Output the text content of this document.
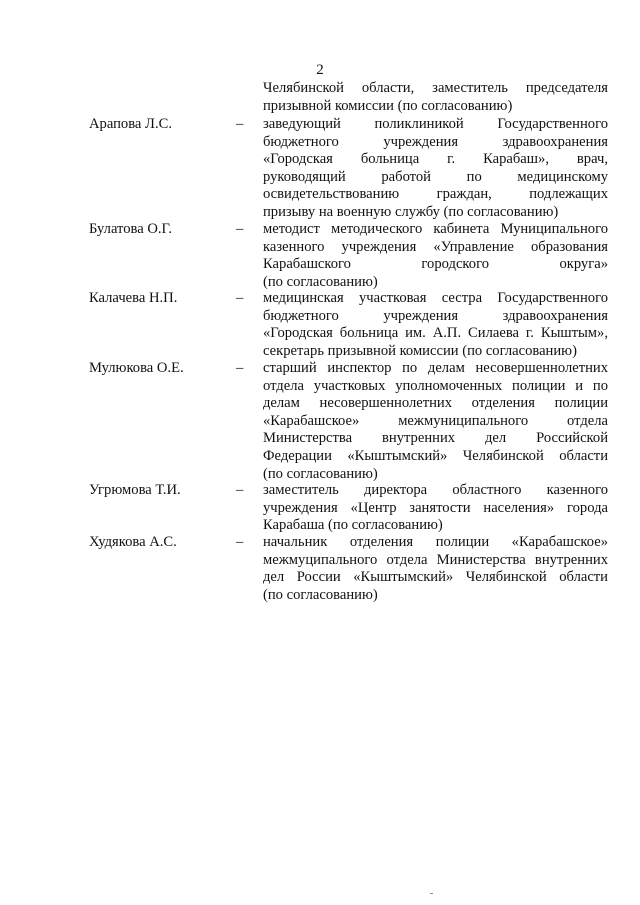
2
Челябинской области, заместитель председателя
призывной комиссии (по согласованию)
Арапова Л.С.	– заведующий поликлиникой Государственного
бюджетного учреждения здравоохранения
«Городская больница г. Карабаш», врач,
руководящий работой по медицинскому
освидетельствованию граждан, подлежащих
призыву на военную службу (по согласованию)
Булатова О.Г.	– методист методического кабинета Муниципального
казенного учреждения «Управление образования
Карабашского городского округа»
(по согласованию)
Калачева Н.П.	– медицинская участковая сестра Государственного
бюджетного учреждения здравоохранения
«Городская больница им. А.П. Силаева г. Кыштым»,
секретарь призывной комиссии (по согласованию)
Мулюкова О.Е.	– старший инспектор по делам несовершеннолетних
отдела участковых уполномоченных полиции и по
делам несовершеннолетних отделения полиции
«Карабашское» межмуниципального отдела
Министерства внутренних дел Российской
Федерации «Кыштымский» Челябинской области
(по согласованию)
Угрюмова Т.И.	– заместитель директора областного казенного
учреждения «Центр занятости населения» города
Карабаша (по согласованию)
Худякова А.С.	– начальник отделения полиции «Карабашское»
межмуципального отдела Министерства внутренних
дел России «Кыштымский» Челябинской области
(по согласованию)
